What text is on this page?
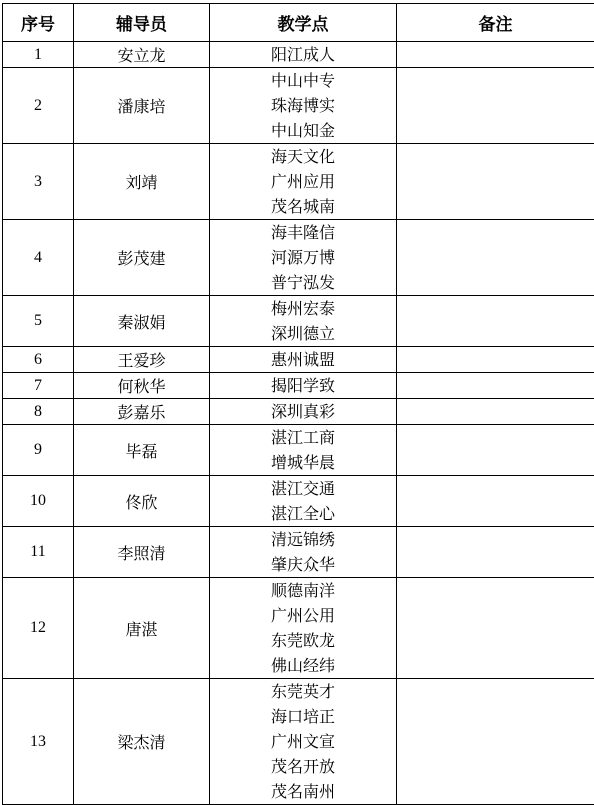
序号	辅导员	教学点	备注
1	安立龙	阳江成人	

2	潘康培	中山中专
珠海博实
中山知金	

3	刘靖	海天文化
广州应用
茂名城南	

4	彭茂建	海丰隆信
河源万博
普宁泓发	

5	秦淑娟	梅州宏泰
深圳德立	

6	王爱珍	惠州诚盟	

7	何秋华	揭阳学致	

8	彭嘉乐	深圳真彩	

9	毕磊	湛江工商
增城华晨	

10	佟欣	湛江交通
湛江全心	

11	李照清	清远锦绣
肇庆众华	

12	唐湛	顺德南洋
广州公用
东莞欧龙
佛山经纬	

13	梁杰清	东莞英才
海口培正
广州文宣
茂名开放
茂名南州	
